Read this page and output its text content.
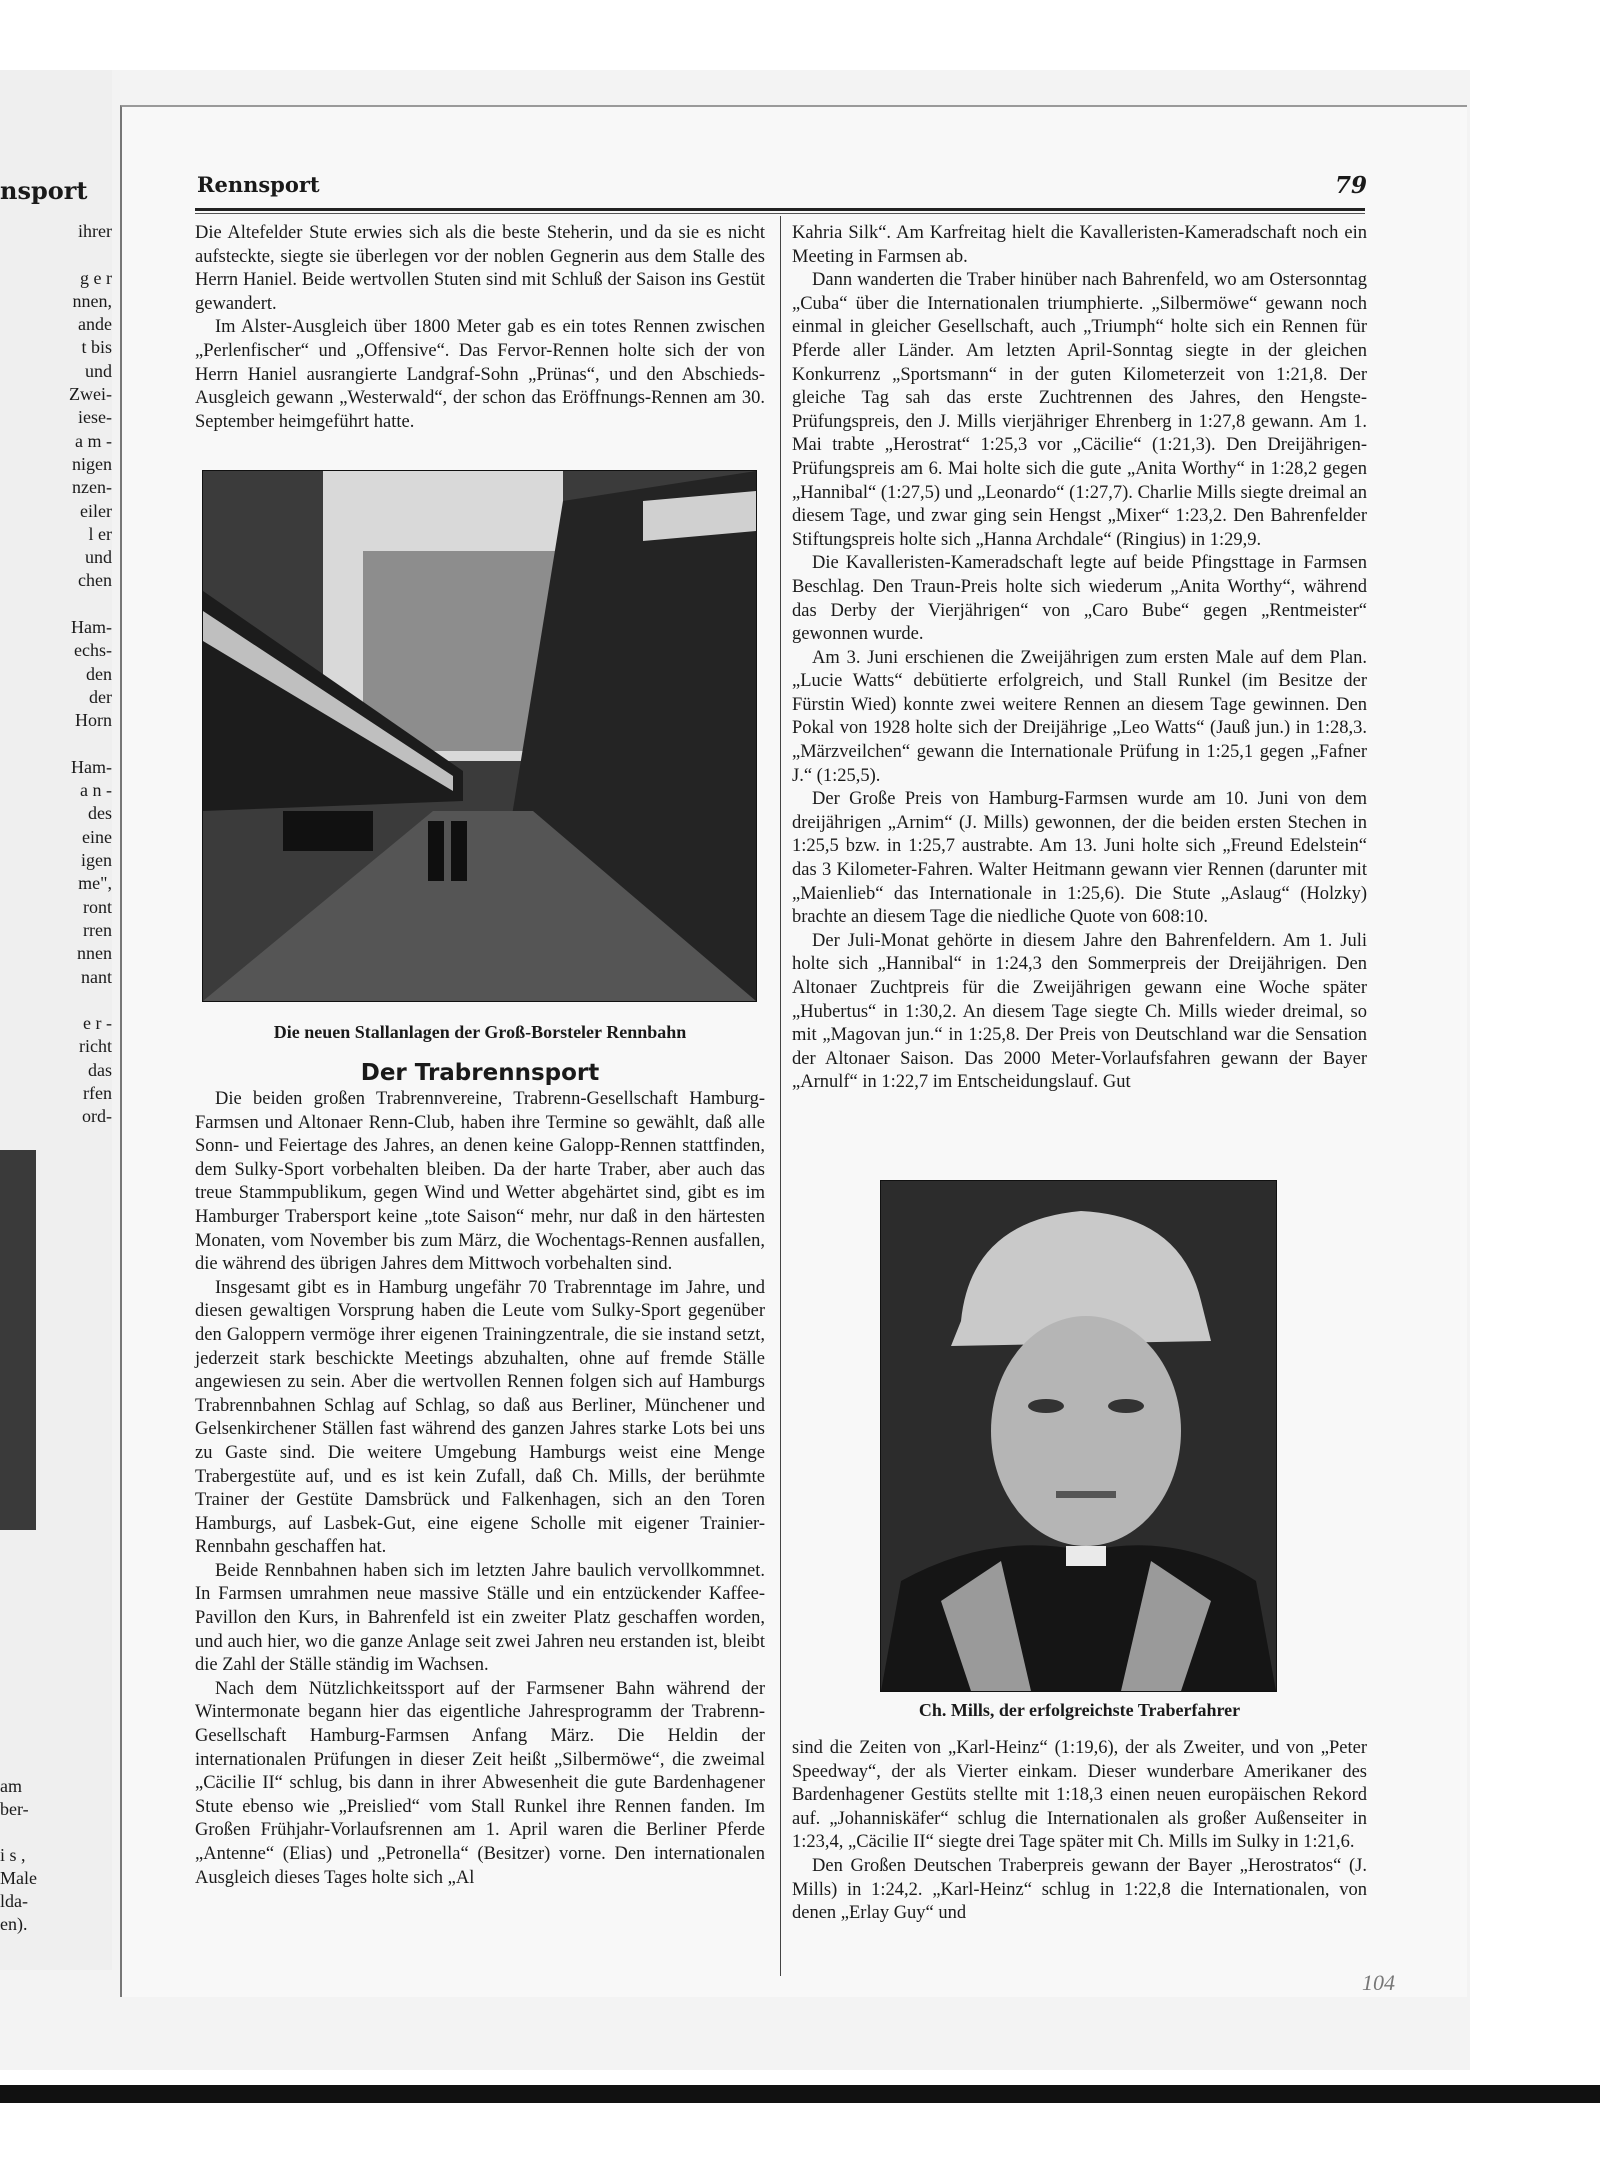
nsport
ihrer

g e r
nnen,
ande
t bis
und
Zwei-
iese-
a m -
nigen
nzen-
eiler
l er
und
chen

Ham-
echs-
den
der
Horn

Ham-
a n -
des
eine
igen
me",
ront
rren
nnen
nant

e r -
richt
das
rfen
ord-
am
ber-

i s ,
Male
lda-
en).
Rennsport	79

Die Altefelder Stute erwies sich als die beste Steherin, und da sie es nicht aufsteckte, siegte sie überlegen vor der noblen Gegnerin aus dem Stalle des Herrn Haniel. Beide wertvollen Stuten sind mit Schluß der Saison ins Gestüt gewandert.

Im Alster-Ausgleich über 1800 Meter gab es ein totes Rennen zwischen „Perlenfischer“ und „Offensive“. Das Fervor-Rennen holte sich der von Herrn Haniel ausrangierte Landgraf-Sohn „Prünas“, und den Abschieds-Ausgleich gewann „Westerwald“, der schon das Eröffnungs-Rennen am 30. September heimgeführt hatte.

Die neuen Stallanlagen der Groß-Borsteler Rennbahn
Der Trabrennsport

Die beiden großen Trabrennvereine, Trabrenn-Gesellschaft Hamburg-Farmsen und Altonaer Renn-Club, haben ihre Termine so gewählt, daß alle Sonn- und Feiertage des Jahres, an denen keine Galopp-Rennen stattfinden, dem Sulky-Sport vorbehalten bleiben. Da der harte Traber, aber auch das treue Stammpublikum, gegen Wind und Wetter abgehärtet sind, gibt es im Hamburger Trabersport keine „tote Saison“ mehr, nur daß in den härtesten Monaten, vom November bis zum März, die Wochentags-Rennen ausfallen, die während des übrigen Jahres dem Mittwoch vorbehalten sind.

Insgesamt gibt es in Hamburg ungefähr 70 Trabrenntage im Jahre, und diesen gewaltigen Vorsprung haben die Leute vom Sulky-Sport gegenüber den Galoppern vermöge ihrer eigenen Trainingzentrale, die sie instand setzt, jederzeit stark beschickte Meetings abzuhalten, ohne auf fremde Ställe angewiesen zu sein. Aber die wertvollen Rennen folgen sich auf Hamburgs Trabrennbahnen Schlag auf Schlag, so daß aus Berliner, Münchener und Gelsenkirchener Ställen fast während des ganzen Jahres starke Lots bei uns zu Gaste sind. Die weitere Umgebung Hamburgs weist eine Menge Trabergestüte auf, und es ist kein Zufall, daß Ch. Mills, der berühmte Trainer der Gestüte Damsbrück und Falkenhagen, sich an den Toren Hamburgs, auf Lasbek-Gut, eine eigene Scholle mit eigener Trainier-Rennbahn geschaffen hat.

Beide Rennbahnen haben sich im letzten Jahre baulich vervollkommnet. In Farmsen umrahmen neue massive Ställe und ein entzückender Kaffee-Pavillon den Kurs, in Bahrenfeld ist ein zweiter Platz geschaffen worden, und auch hier, wo die ganze Anlage seit zwei Jahren neu erstanden ist, bleibt die Zahl der Ställe ständig im Wachsen.

Nach dem Nützlichkeitssport auf der Farmsener Bahn während der Wintermonate begann hier das eigentliche Jahresprogramm der Trabrenn-Gesellschaft Hamburg-Farmsen Anfang März. Die Heldin der internationalen Prüfungen in dieser Zeit heißt „Silbermöwe“, die zweimal „Cäcilie II“ schlug, bis dann in ihrer Abwesenheit die gute Bardenhagener Stute ebenso wie „Preislied“ vom Stall Runkel ihre Rennen fanden. Im Großen Frühjahr-Vorlaufsrennen am 1. April waren die Berliner Pferde „Antenne“ (Elias) und „Petronella“ (Besitzer) vorne. Den internationalen Ausgleich dieses Tages holte sich „Al

Kahria Silk“. Am Karfreitag hielt die Kavalleristen-Kameradschaft noch ein Meeting in Farmsen ab.

Dann wanderten die Traber hinüber nach Bahrenfeld, wo am Ostersonntag „Cuba“ über die Internationalen triumphierte. „Silbermöwe“ gewann noch einmal in gleicher Gesellschaft, auch „Triumph“ holte sich ein Rennen für Pferde aller Länder. Am letzten April-Sonntag siegte in der gleichen Konkurrenz „Sportsmann“ in der guten Kilometerzeit von 1:21,8. Der gleiche Tag sah das erste Zuchtrennen des Jahres, den Hengste-Prüfungspreis, den J. Mills vierjähriger Ehrenberg in 1:27,8 gewann. Am 1. Mai trabte „Herostrat“ 1:25,3 vor „Cäcilie“ (1:21,3). Den Dreijährigen-Prüfungspreis am 6. Mai holte sich die gute „Anita Worthy“ in 1:28,2 gegen „Hannibal“ (1:27,5) und „Leonardo“ (1:27,7). Charlie Mills siegte dreimal an diesem Tage, und zwar ging sein Hengst „Mixer“ 1:23,2. Den Bahrenfelder Stiftungspreis holte sich „Hanna Archdale“ (Ringius) in 1:29,9.

Die Kavalleristen-Kameradschaft legte auf beide Pfingsttage in Farmsen Beschlag. Den Traun-Preis holte sich wiederum „Anita Worthy“, während das Derby der Vierjährigen“ von „Caro Bube“ gegen „Rentmeister“ gewonnen wurde.

Am 3. Juni erschienen die Zweijährigen zum ersten Male auf dem Plan. „Lucie Watts“ debütierte erfolgreich, und Stall Runkel (im Besitze der Fürstin Wied) konnte zwei weitere Rennen an diesem Tage gewinnen. Den Pokal von 1928 holte sich der Dreijährige „Leo Watts“ (Jauß jun.) in 1:28,3. „Märzveilchen“ gewann die Internationale Prüfung in 1:25,1 gegen „Fafner J.“ (1:25,5).

Der Große Preis von Hamburg-Farmsen wurde am 10. Juni von dem dreijährigen „Arnim“ (J. Mills) gewonnen, der die beiden ersten Stechen in 1:25,5 bzw. in 1:25,7 austrabte. Am 13. Juni holte sich „Freund Edelstein“ das 3 Kilometer-Fahren. Walter Heitmann gewann vier Rennen (darunter mit „Maienlieb“ das Internationale in 1:25,6). Die Stute „Aslaug“ (Holzky) brachte an diesem Tage die niedliche Quote von 608:10.

Der Juli-Monat gehörte in diesem Jahre den Bahrenfeldern. Am 1. Juli holte sich „Hannibal“ in 1:24,3 den Sommerpreis der Dreijährigen. Den Altonaer Zuchtpreis für die Zweijährigen gewann eine Woche später „Hubertus“ in 1:30,2. An diesem Tage siegte Ch. Mills wieder dreimal, so mit „Magovan jun.“ in 1:25,8. Der Preis von Deutschland war die Sensation der Altonaer Saison. Das 2000 Meter-Vorlaufsfahren gewann der Bayer „Arnulf“ in 1:22,7 im Entscheidungslauf. Gut

Ch. Mills, der erfolgreichste Traberfahrer

sind die Zeiten von „Karl-Heinz“ (1:19,6), der als Zweiter, und von „Peter Speedway“, der als Vierter einkam. Dieser wunderbare Amerikaner des Bardenhagener Gestüts stellte mit 1:18,3 einen neuen europäischen Rekord auf. „Johanniskäfer“ schlug die Internationalen als großer Außenseiter in 1:23,4, „Cäcilie II“ siegte drei Tage später mit Ch. Mills im Sulky in 1:21,6.

Den Großen Deutschen Traberpreis gewann der Bayer „Herostratos“ (J. Mills) in 1:24,2. „Karl-Heinz“ schlug in 1:22,8 die Internationalen, von denen „Erlay Guy“ und

104
